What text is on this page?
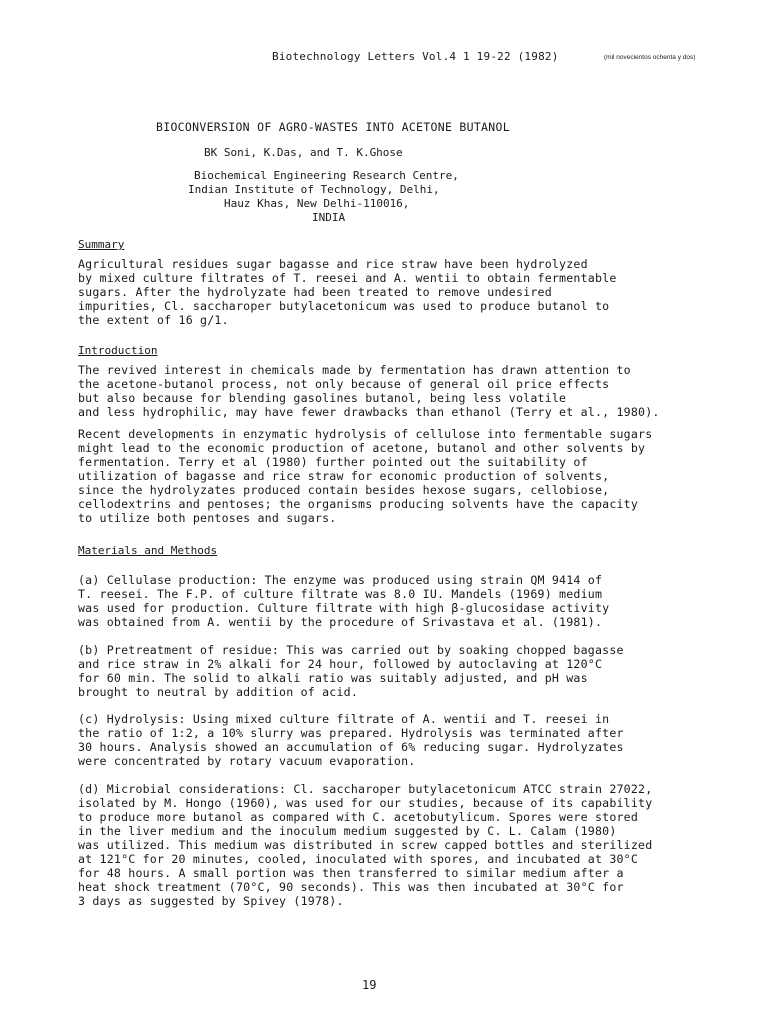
Biotechnology Letters Vol.4 1 19-22 (1982)	(mil novecientos ochenta y dos)
BIOCONVERSION OF AGRO-WASTES INTO ACETONE BUTANOL
BK Soni, K.Das, and T. K.Ghose
Biochemical Engineering Research Centre,
Indian Institute of Technology, Delhi,
Hauz Khas, New Delhi-110016,
INDIA
Summary
Agricultural residues sugar bagasse and rice straw have been hydrolyzed
by mixed culture filtrates of T. reesei and A. wentii to obtain fermentable
sugars. After the hydrolyzate had been treated to remove undesired
impurities, Cl. saccharoper butylacetonicum was used to produce butanol to
the extent of 16 g/1.
Introduction
The revived interest in chemicals made by fermentation has drawn attention to
the acetone-butanol process, not only because of general oil price effects
but also because for blending gasolines butanol, being less volatile
and less hydrophilic, may have fewer drawbacks than ethanol (Terry et al., 1980).
Recent developments in enzymatic hydrolysis of cellulose into fermentable sugars
might lead to the economic production of acetone, butanol and other solvents by
fermentation. Terry et al (1980) further pointed out the suitability of
utilization of bagasse and rice straw for economic production of solvents,
since the hydrolyzates produced contain besides hexose sugars, cellobiose,
cellodextrins and pentoses; the organisms producing solvents have the capacity
to utilize both pentoses and sugars.
Materials and Methods
(a) Cellulase production: The enzyme was produced using strain QM 9414 of
T. reesei. The F.P. of culture filtrate was 8.0 IU. Mandels (1969) medium
was used for production. Culture filtrate with high β-glucosidase activity
was obtained from A. wentii by the procedure of Srivastava et al. (1981).
(b) Pretreatment of residue: This was carried out by soaking chopped bagasse
and rice straw in 2% alkali for 24 hour, followed by autoclaving at 120°C
for 60 min. The solid to alkali ratio was suitably adjusted, and pH was
brought to neutral by addition of acid.
(c) Hydrolysis: Using mixed culture filtrate of A. wentii and T. reesei in
the ratio of 1:2, a 10% slurry was prepared. Hydrolysis was terminated after
30 hours. Analysis showed an accumulation of 6% reducing sugar. Hydrolyzates
were concentrated by rotary vacuum evaporation.
(d) Microbial considerations: Cl. saccharoper butylacetonicum ATCC strain 27022,
isolated by M. Hongo (1960), was used for our studies, because of its capability
to produce more butanol as compared with C. acetobutylicum. Spores were stored
in the liver medium and the inoculum medium suggested by C. L. Calam (1980)
was utilized. This medium was distributed in screw capped bottles and sterilized
at 121°C for 20 minutes, cooled, inoculated with spores, and incubated at 30°C
for 48 hours. A small portion was then transferred to similar medium after a
heat shock treatment (70°C, 90 seconds). This was then incubated at 30°C for
3 days as suggested by Spivey (1978).
19
